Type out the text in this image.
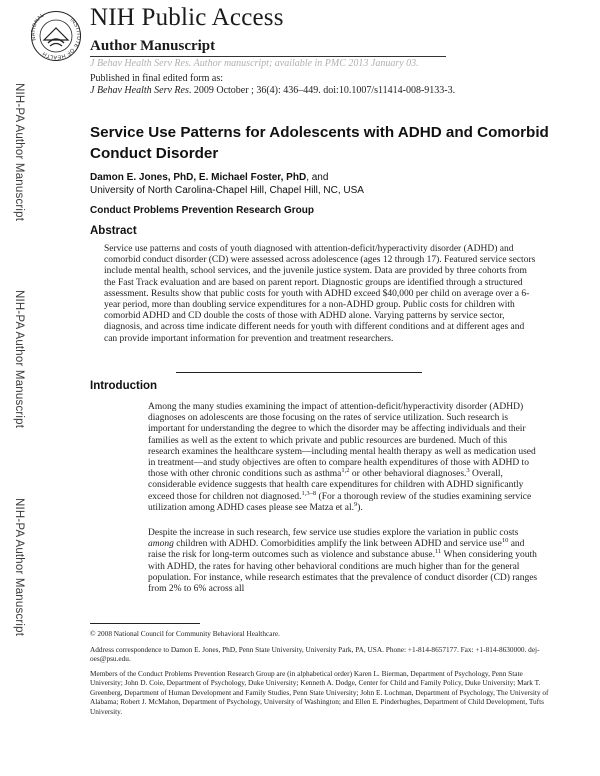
NATIONAL
INSTITUTE
OF HEALTH
NIH Public Access
Author Manuscript
J Behav Health Serv Res. Author manuscript; available in PMC 2013 January 03.
Published in final edited form as:
J Behav Health Serv Res. 2009 October ; 36(4): 436–449. doi:10.1007/s11414-008-9133-3.
NIH-PA Author Manuscript
NIH-PA Author Manuscript
NIH-PA Author Manuscript
Service Use Patterns for Adolescents with ADHD and Comorbid Conduct Disorder
Damon E. Jones, PhD, E. Michael Foster, PhD, and
University of North Carolina-Chapel Hill, Chapel Hill, NC, USA
Conduct Problems Prevention Research Group
Abstract
Service use patterns and costs of youth diagnosed with attention-deficit/hyperactivity disorder (ADHD) and comorbid conduct disorder (CD) were assessed across adolescence (ages 12 through 17). Featured service sectors include mental health, school services, and the juvenile justice system. Data are provided by three cohorts from the Fast Track evaluation and are based on parent report. Diagnostic groups are identified through a structured assessment. Results show that public costs for youth with ADHD exceed $40,000 per child on average over a 6-year period, more than doubling service expenditures for a non-ADHD group. Public costs for children with comorbid ADHD and CD double the costs of those with ADHD alone. Varying patterns by service sector, diagnosis, and across time indicate different needs for youth with different conditions and at different ages and can provide important information for prevention and treatment researchers.
Introduction
Among the many studies examining the impact of attention-deficit/hyperactivity disorder (ADHD) diagnoses on adolescents are those focusing on the rates of service utilization. Such research is important for understanding the degree to which the disorder may be affecting individuals and their families as well as the extent to which private and public resources are burdened. Much of this research examines the healthcare system—including mental health therapy as well as medication used in treatment—and study objectives are often to compare health expenditures of those with ADHD to those with other chronic conditions such as asthma$^{1,2}$ or other behavioral diagnoses.$^3$ Overall, considerable evidence suggests that health care expenditures for children with ADHD significantly exceed those for children not diagnosed.$^{1,3-8}$ (For a thorough review of the studies examining service utilization among ADHD cases please see Matza et al.$^9$).
Despite the increase in such research, few service use studies explore the variation in public costs among children with ADHD. Comorbidities amplify the link between ADHD and service use$^{10}$ and raise the risk for long-term outcomes such as violence and substance abuse.$^{11}$ When considering youth with ADHD, the rates for having other behavioral conditions are much higher than for the general population. For instance, while research estimates that the prevalence of conduct disorder (CD) ranges from 2% to 6% across all
© 2008 National Council for Community Behavioral Healthcare.
Address correspondence to Damon E. Jones, PhD, Penn State University, University Park, PA, USA. Phone: +1-814-8657177. Fax: +1-814-8630000. dej-oes@psu.edu.
Members of the Conduct Problems Prevention Research Group are (in alphabetical order) Karen L. Bierman, Department of Psychology, Penn State University; John D. Coie, Department of Psychology, Duke University; Kenneth A. Dodge, Center for Child and Family Policy, Duke University; Mark T. Greenberg, Department of Human Development and Family Studies, Penn State University; John E. Lochman, Department of Psychology, The University of Alabama; Robert J. McMahon, Department of Psychology, University of Washington; and Ellen E. Pinderhughes, Department of Child Development, Tufts University.
